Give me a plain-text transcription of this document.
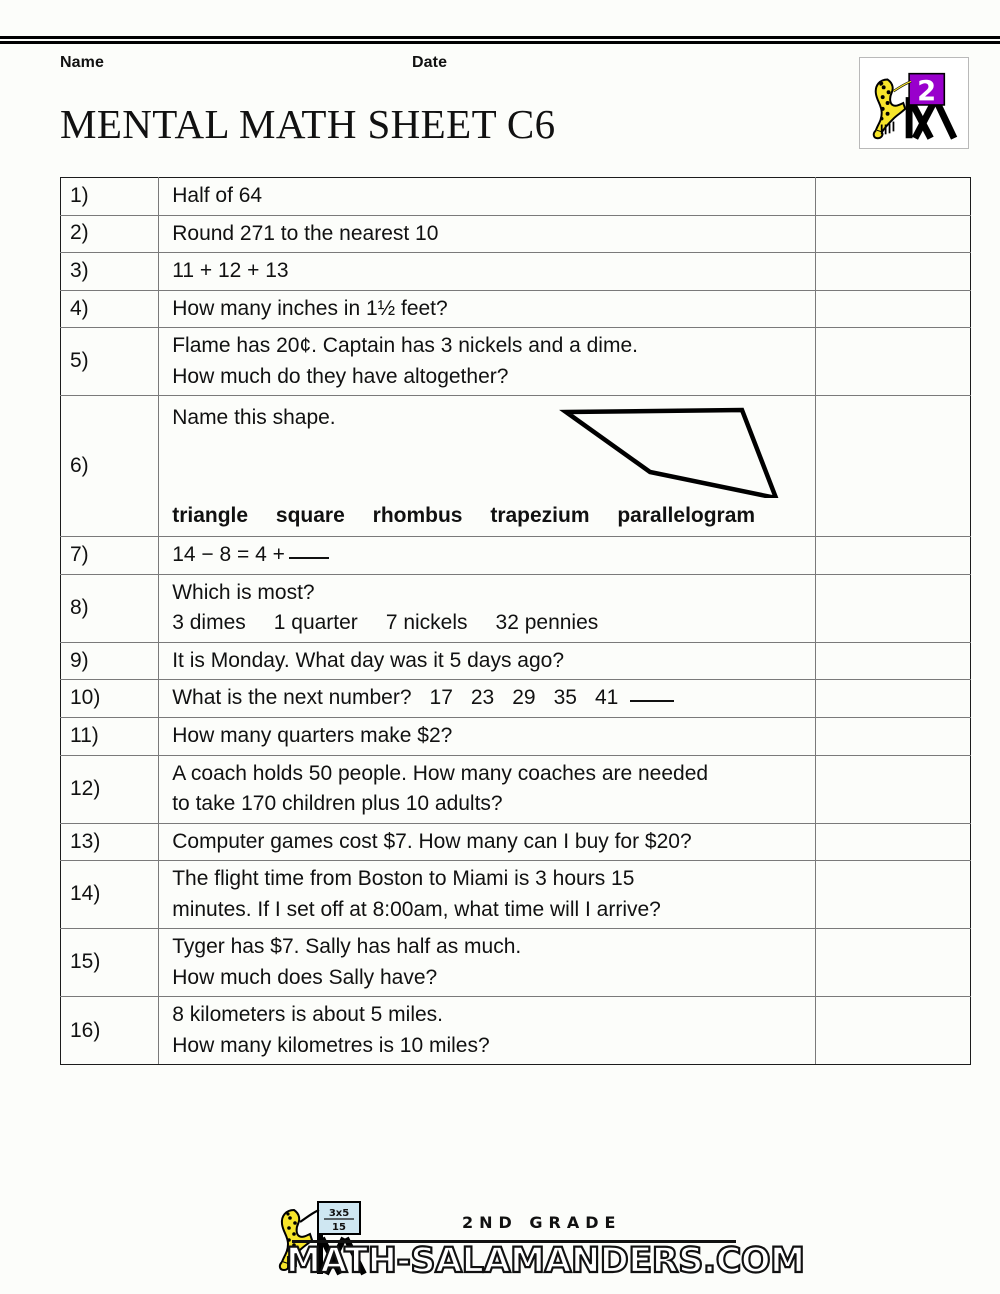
Name	Date
MENTAL MATH SHEET C6
2
1)	Half of 64	

2)	Round 271 to the nearest 10	

3)	11 + 12 + 13	

4)	How many inches in 1½ feet?	

5)	Flame has 20¢. Captain has 3 nickels and a dime.
How much do they have altogether?	

6)	Name this shape.
triangle square rhombus trapezium parallelogram	

7)	14 − 8 = 4 +	

8)	Which is most?
3 dimes 1 quarter 7 nickels 32 pennies	

9)	It is Monday. What day was it 5 days ago?	

10)	What is the next number? 17 23 29 35 41	

11)	How many quarters make $2?	

12)	A coach holds 50 people. How many coaches are needed
to take 170 children plus 10 adults?	

13)	Computer games cost $7. How many can I buy for $20?	

14)	The flight time from Boston to Miami is 3 hours 15
minutes. If I set off at 8:00am, what time will I arrive?	

15)	Tyger has $7. Sally has half as much.
How much does Sally have?	

16)	8 kilometers is about 5 miles.
How many kilometres is 10 miles?	

3x5
15	2ND GRADE
MATH-SALAMANDERS.COM
